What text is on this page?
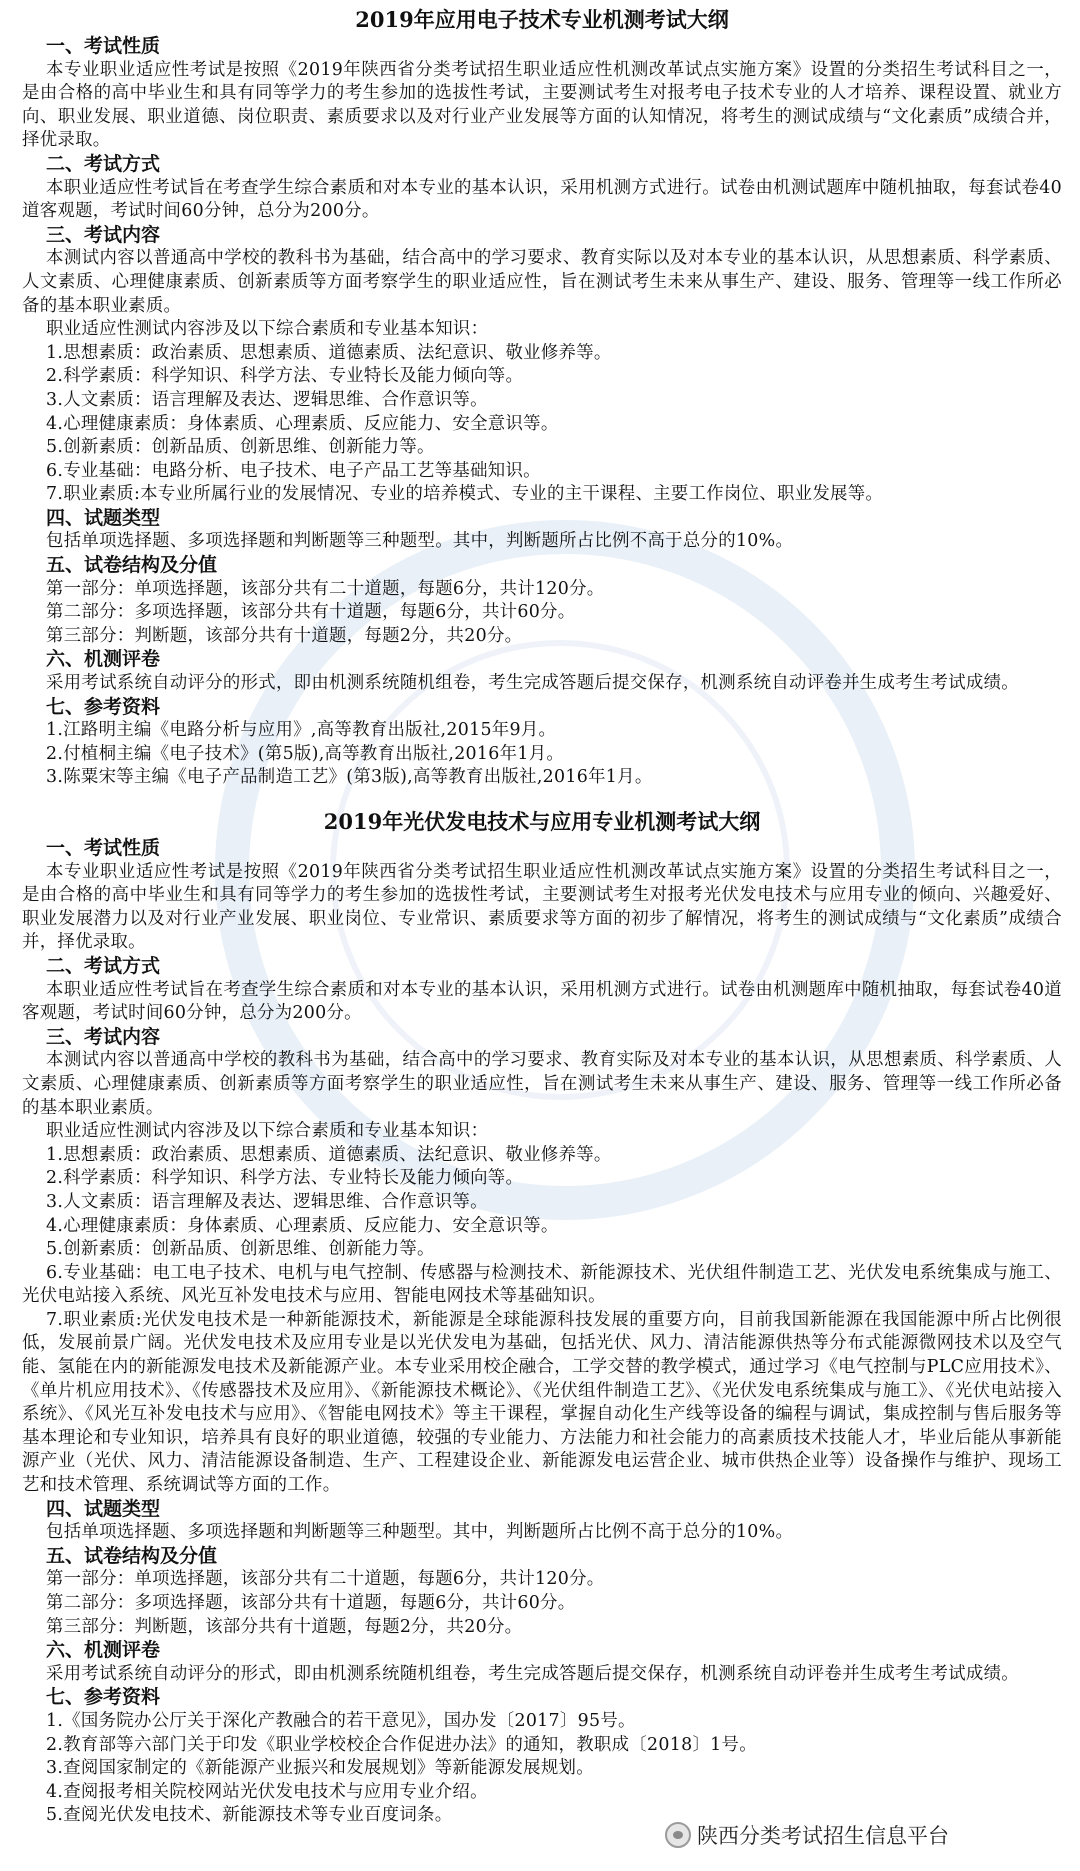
2019年应用电子技术专业机测考试大纲
一、考试性质
本专业职业适应性考试是按照《2019年陕西省分类考试招生职业适应性机测改革试点实施方案》设置的分类招生考试科目之一，是由合格的高中毕业生和具有同等学力的考生参加的选拔性考试，主要测试考生对报考电子技术专业的人才培养、课程设置、就业方向、职业发展、职业道德、岗位职责、素质要求以及对行业产业发展等方面的认知情况，将考生的测试成绩与“文化素质”成绩合并，择优录取。
二、考试方式
本职业适应性考试旨在考查学生综合素质和对本专业的基本认识，采用机测方式进行。试卷由机测试题库中随机抽取，每套试卷40道客观题，考试时间60分钟，总分为200分。
三、考试内容
本测试内容以普通高中学校的教科书为基础，结合高中的学习要求、教育实际以及对本专业的基本认识，从思想素质、科学素质、人文素质、心理健康素质、创新素质等方面考察学生的职业适应性，旨在测试考生未来从事生产、建设、服务、管理等一线工作所必备的基本职业素质。
职业适应性测试内容涉及以下综合素质和专业基本知识：
1.思想素质：政治素质、思想素质、道德素质、法纪意识、敬业修养等。
2.科学素质：科学知识、科学方法、专业特长及能力倾向等。
3.人文素质：语言理解及表达、逻辑思维、合作意识等。
4.心理健康素质：身体素质、心理素质、反应能力、安全意识等。
5.创新素质：创新品质、创新思维、创新能力等。
6.专业基础：电路分析、电子技术、电子产品工艺等基础知识。
7.职业素质:本专业所属行业的发展情况、专业的培养模式、专业的主干课程、主要工作岗位、职业发展等。
四、试题类型
包括单项选择题、多项选择题和判断题等三种题型。其中，判断题所占比例不高于总分的10%。
五、试卷结构及分值
第一部分：单项选择题，该部分共有二十道题，每题6分，共计120分。
第二部分：多项选择题，该部分共有十道题，每题6分，共计60分。
第三部分：判断题，该部分共有十道题，每题2分，共20分。
六、机测评卷
采用考试系统自动评分的形式，即由机测系统随机组卷，考生完成答题后提交保存，机测系统自动评卷并生成考生考试成绩。
七、参考资料
1.江路明主编《电路分析与应用》,高等教育出版社,2015年9月。
2.付植桐主编《电子技术》(第5版),高等教育出版社,2016年1月。
3.陈粟宋等主编《电子产品制造工艺》(第3版),高等教育出版社,2016年1月。
2019年光伏发电技术与应用专业机测考试大纲
一、考试性质
本专业职业适应性考试是按照《2019年陕西省分类考试招生职业适应性机测改革试点实施方案》设置的分类招生考试科目之一，是由合格的高中毕业生和具有同等学力的考生参加的选拔性考试，主要测试考生对报考光伏发电技术与应用专业的倾向、兴趣爱好、职业发展潜力以及对行业产业发展、职业岗位、专业常识、素质要求等方面的初步了解情况，将考生的测试成绩与“文化素质”成绩合并，择优录取。
二、考试方式
本职业适应性考试旨在考查学生综合素质和对本专业的基本认识，采用机测方式进行。试卷由机测题库中随机抽取，每套试卷40道客观题，考试时间60分钟，总分为200分。
三、考试内容
本测试内容以普通高中学校的教科书为基础，结合高中的学习要求、教育实际及对本专业的基本认识，从思想素质、科学素质、人文素质、心理健康素质、创新素质等方面考察学生的职业适应性，旨在测试考生未来从事生产、建设、服务、管理等一线工作所必备的基本职业素质。
职业适应性测试内容涉及以下综合素质和专业基本知识：
1.思想素质：政治素质、思想素质、道德素质、法纪意识、敬业修养等。
2.科学素质：科学知识、科学方法、专业特长及能力倾向等。
3.人文素质：语言理解及表达、逻辑思维、合作意识等。
4.心理健康素质：身体素质、心理素质、反应能力、安全意识等。
5.创新素质：创新品质、创新思维、创新能力等。
6.专业基础：电工电子技术、电机与电气控制、传感器与检测技术、新能源技术、光伏组件制造工艺、光伏发电系统集成与施工、光伏电站接入系统、风光互补发电技术与应用、智能电网技术等基础知识。
7.职业素质:光伏发电技术是一种新能源技术，新能源是全球能源科技发展的重要方向，目前我国新能源在我国能源中所占比例很低，发展前景广阔。光伏发电技术及应用专业是以光伏发电为基础，包括光伏、风力、清洁能源供热等分布式能源微网技术以及空气能、氢能在内的新能源发电技术及新能源产业。本专业采用校企融合，工学交替的教学模式，通过学习《电气控制与PLC应用技术》、《单片机应用技术》、《传感器技术及应用》、《新能源技术概论》、《光伏组件制造工艺》、《光伏发电系统集成与施工》、《光伏电站接入系统》、《风光互补发电技术与应用》、《智能电网技术》等主干课程，掌握自动化生产线等设备的编程与调试，集成控制与售后服务等基本理论和专业知识，培养具有良好的职业道德，较强的专业能力、方法能力和社会能力的高素质技术技能人才，毕业后能从事新能源产业（光伏、风力、清洁能源设备制造、生产、工程建设企业、新能源发电运营企业、城市供热企业等）设备操作与维护、现场工艺和技术管理、系统调试等方面的工作。
四、试题类型
包括单项选择题、多项选择题和判断题等三种题型。其中，判断题所占比例不高于总分的10%。
五、试卷结构及分值
第一部分：单项选择题，该部分共有二十道题，每题6分，共计120分。
第二部分：多项选择题，该部分共有十道题，每题6分，共计60分。
第三部分：判断题，该部分共有十道题，每题2分，共20分。
六、机测评卷
采用考试系统自动评分的形式，即由机测系统随机组卷，考生完成答题后提交保存，机测系统自动评卷并生成考生考试成绩。
七、参考资料
1.《国务院办公厅关于深化产教融合的若干意见》，国办发〔2017〕95号。
2.教育部等六部门关于印发《职业学校校企合作促进办法》的通知，教职成〔2018〕1号。
3.查阅国家制定的《新能源产业振兴和发展规划》等新能源发展规划。
4.查阅报考相关院校网站光伏发电技术与应用专业介绍。
5.查阅光伏发电技术、新能源技术等专业百度词条。
陕西分类考试招生信息平台
